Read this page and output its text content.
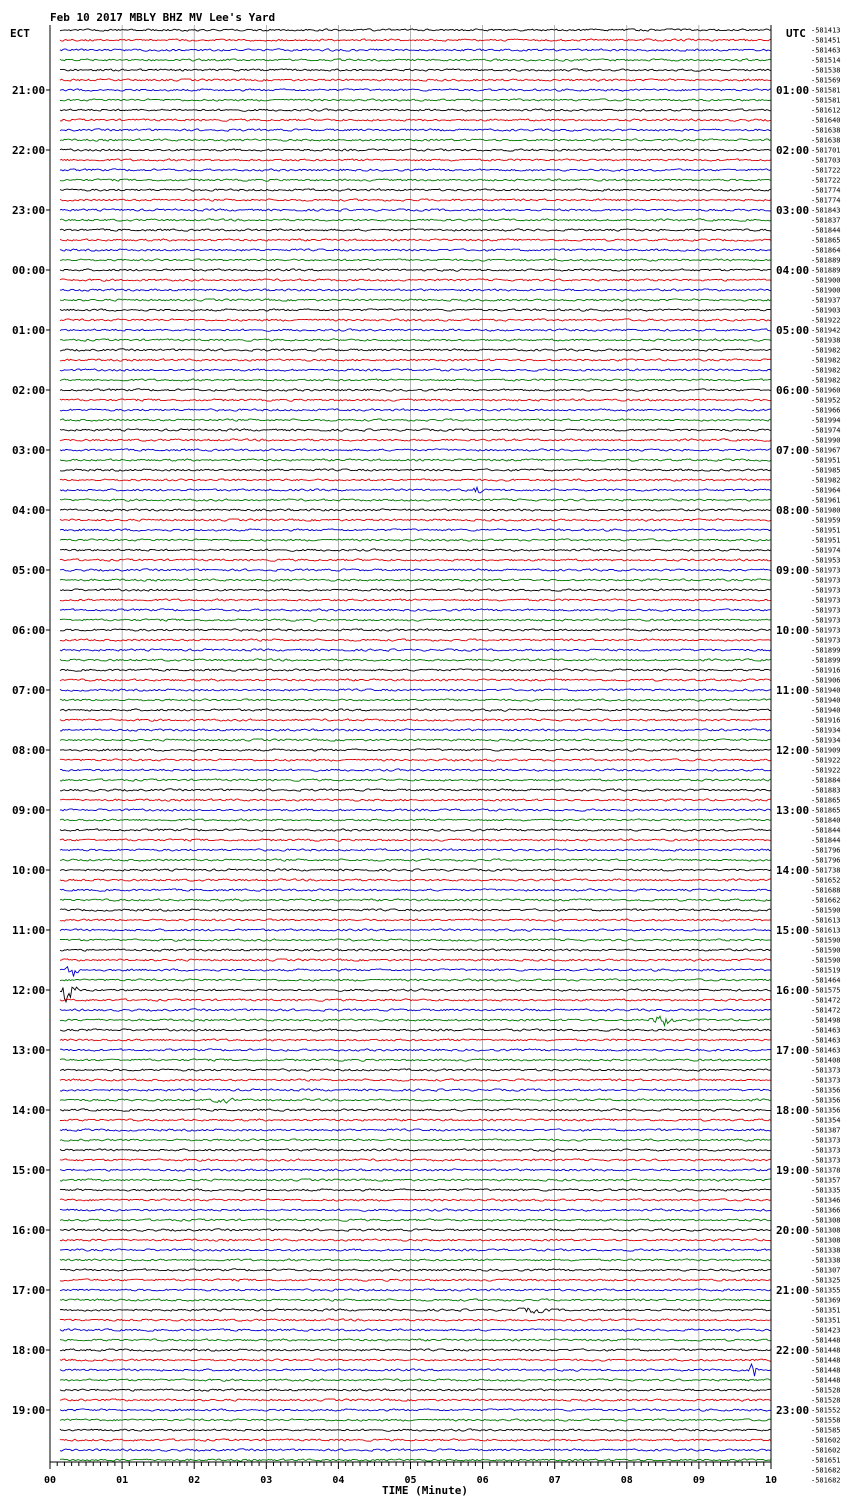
Feb 10 2017 MBLY BHZ MV Lee's Yard
ECT	UTC
21:00
22:00
23:00
00:00
01:00
02:00
03:00
04:00
05:00
06:00
07:00
08:00
09:00
10:00
11:00
12:00
13:00
14:00
15:00
16:00
17:00
18:00
19:00
01:00
02:00
03:00
04:00
05:00
06:00
07:00
08:00
09:00
10:00
11:00
12:00
13:00
14:00
15:00
16:00
17:00
18:00
19:00
20:00
21:00
22:00
23:00
-581413
-581451
-581463
-581514
-581538
-581569
-581581
-581581
-581612
-581640
-581638
-581638
-581701
-581703
-581722
-581722
-581774
-581774
-581843
-581837
-581844
-581865
-581864
-581889
-581889
-581900
-581900
-581937
-581903
-581922
-581942
-581938
-581982
-581982
-581982
-581982
-581960
-581952
-581966
-581994
-581974
-581990
-581967
-581951
-581985
-581982
-581964
-581961
-581980
-581959
-581951
-581951
-581974
-581953
-581973
-581973
-581973
-581973
-581973
-581973
-581973
-581973
-581899
-581899
-581916
-581906
-581940
-581940
-581940
-581916
-581934
-581934
-581909
-581922
-581922
-581884
-581883
-581865
-581865
-581840
-581844
-581844
-581796
-581796
-581738
-581652
-581688
-581662
-581590
-581613
-581613
-581590
-581590
-581590
-581519
-581464
-581575
-581472
-581472
-581498
-581463
-581463
-581463
-581408
-581373
-581373
-581356
-581356
-581356
-581354
-581387
-581373
-581373
-581373
-581378
-581357
-581335
-581346
-581366
-581308
-581308
-581308
-581338
-581338
-581307
-581325
-581355
-581369
-581351
-581351
-581423
-581448
-581448
-581448
-581448
-581448
-581528
-581528
-581552
-581558
-581585
-581602
-581602
-581651
-581682
-581682
00	01	02	03	04	05	06	07	08	09	10
TIME (Minute)
